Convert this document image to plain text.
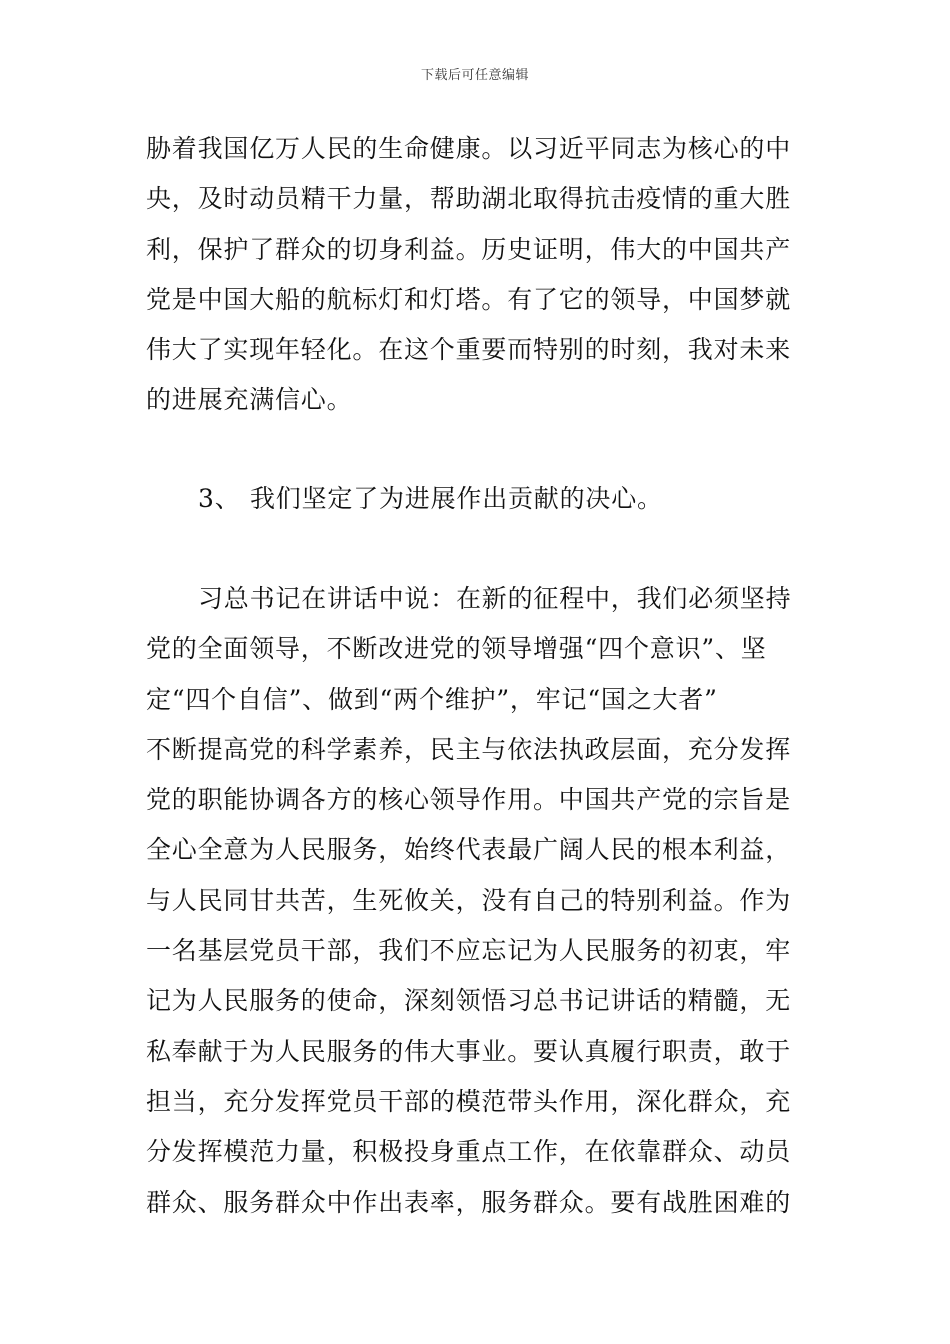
下载后可任意编辑
胁着我国亿万人民的生命健康。以习近平同志为核心的中
央，及时动员精干力量，帮助湖北取得抗击疫情的重大胜
利，保护了群众的切身利益。历史证明，伟大的中国共产
党是中国大船的航标灯和灯塔。有了它的领导，中国梦就
伟大了实现年轻化。在这个重要而特别的时刻，我对未来
的进展充满信心。
3、 我们坚定了为进展作出贡献的决心。
习总书记在讲话中说：在新的征程中，我们必须坚持
党的全面领导，不断改进党的领导增强“四个意识”、坚
定“四个自信”、做到“两个维护”，牢记“国之大者”
不断提高党的科学素养，民主与依法执政层面，充分发挥
党的职能协调各方的核心领导作用。中国共产党的宗旨是
全心全意为人民服务，始终代表最广阔人民的根本利益，
与人民同甘共苦，生死攸关，没有自己的特别利益。作为
一名基层党员干部，我们不应忘记为人民服务的初衷，牢
记为人民服务的使命，深刻领悟习总书记讲话的精髓，无
私奉献于为人民服务的伟大事业。要认真履行职责，敢于
担当，充分发挥党员干部的模范带头作用，深化群众，充
分发挥模范力量，积极投身重点工作，在依靠群众、动员
群众、服务群众中作出表率，服务群众。要有战胜困难的
